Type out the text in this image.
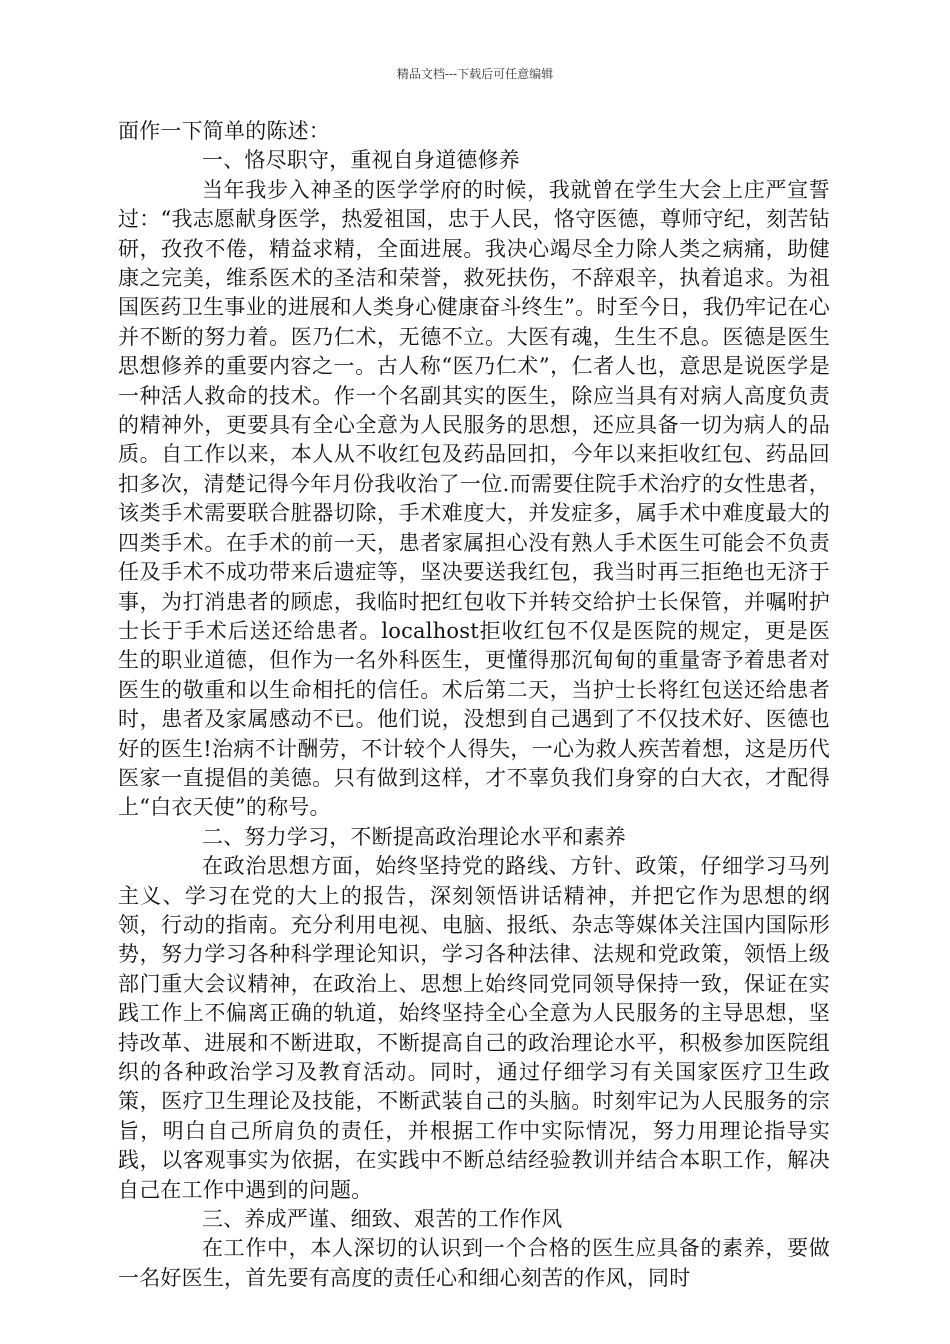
精品文档---下载后可任意编辑

面作一下简单的陈述：

一、恪尽职守，重视自身道德修养

当年我步入神圣的医学学府的时候，我就曾在学生大会上庄严宣誓过：“我志愿献身医学，热爱祖国，忠于人民，恪守医德，尊师守纪，刻苦钻研，孜孜不倦，精益求精，全面进展。我决心竭尽全力除人类之病痛，助健康之完美，维系医术的圣洁和荣誉，救死扶伤，不辞艰辛，执着追求。为祖国医药卫生事业的进展和人类身心健康奋斗终生”。时至今日，我仍牢记在心并不断的努力着。医乃仁术，无德不立。大医有魂，生生不息。医德是医生思想修养的重要内容之一。古人称“医乃仁术”，仁者人也，意思是说医学是一种活人救命的技术。作一个名副其实的医生，除应当具有对病人高度负责的精神外，更要具有全心全意为人民服务的思想，还应具备一切为病人的品质。自工作以来，本人从不收红包及药品回扣，今年以来拒收红包、药品回扣多次，清楚记得今年月份我收治了一位.而需要住院手术治疗的女性患者，该类手术需要联合脏器切除，手术难度大，并发症多，属手术中难度最大的四类手术。在手术的前一天，患者家属担心没有熟人手术医生可能会不负责任及手术不成功带来后遗症等，坚决要送我红包，我当时再三拒绝也无济于事，为打消患者的顾虑，我临时把红包收下并转交给护士长保管，并嘱咐护士长于手术后送还给患者。localhost拒收红包不仅是医院的规定，更是医生的职业道德，但作为一名外科医生，更懂得那沉甸甸的重量寄予着患者对医生的敬重和以生命相托的信任。术后第二天，当护士长将红包送还给患者时，患者及家属感动不已。他们说，没想到自己遇到了不仅技术好、医德也好的医生!治病不计酬劳，不计较个人得失，一心为救人疾苦着想，这是历代医家一直提倡的美德。只有做到这样，才不辜负我们身穿的白大衣，才配得上“白衣天使”的称号。

二、努力学习，不断提高政治理论水平和素养

在政治思想方面，始终坚持党的路线、方针、政策，仔细学习马列主义、学习在党的大上的报告，深刻领悟讲话精神，并把它作为思想的纲领，行动的指南。充分利用电视、电脑、报纸、杂志等媒体关注国内国际形势，努力学习各种科学理论知识，学习各种法律、法规和党政策，领悟上级部门重大会议精神，在政治上、思想上始终同党同领导保持一致，保证在实践工作上不偏离正确的轨道，始终坚持全心全意为人民服务的主导思想，坚持改革、进展和不断进取，不断提高自己的政治理论水平，积极参加医院组织的各种政治学习及教育活动。同时，通过仔细学习有关国家医疗卫生政策，医疗卫生理论及技能，不断武装自己的头脑。时刻牢记为人民服务的宗旨，明白自己所肩负的责任，并根据工作中实际情况，努力用理论指导实践，以客观事实为依据，在实践中不断总结经验教训并结合本职工作，解决自己在工作中遇到的问题。

三、养成严谨、细致、艰苦的工作作风

在工作中，本人深切的认识到一个合格的医生应具备的素养，要做一名好医生，首先要有高度的责任心和细心刻苦的作风，同时
